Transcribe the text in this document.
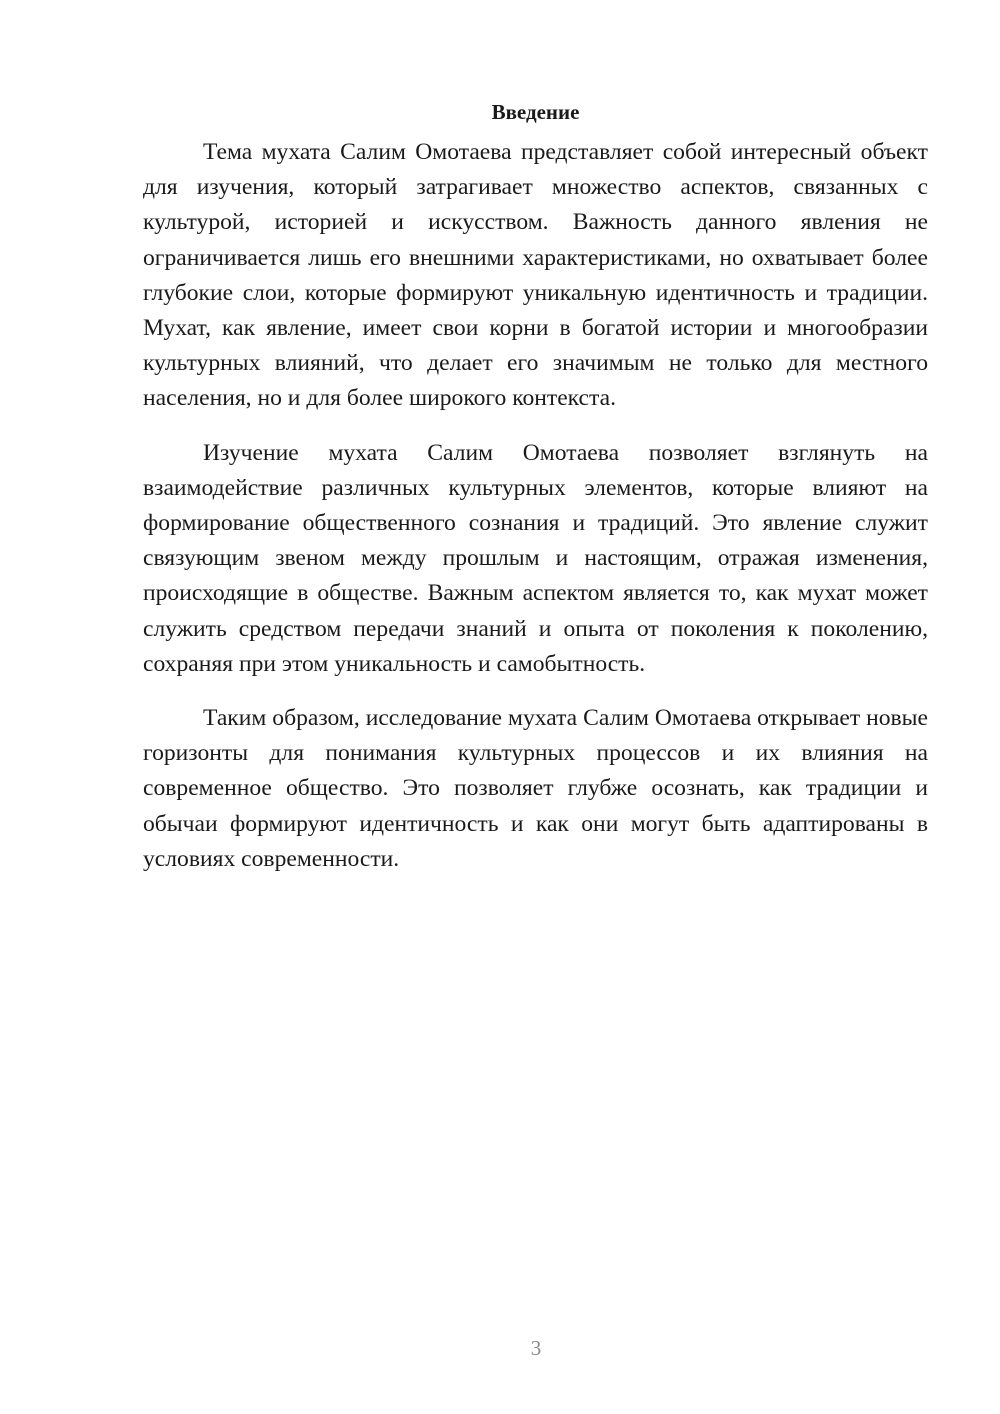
Введение

Тема мухата Салим Омотаева представляет собой интересный объект для изучения, который затрагивает множество аспектов, связанных с культурой, историей и искусством. Важность данного явления не ограничивается лишь его внешними характеристиками, но охватывает более глубокие слои, которые формируют уникальную идентичность и традиции. Мухат, как явление, имеет свои корни в богатой истории и многообразии культурных влияний, что делает его значимым не только для местного населения, но и для более широкого контекста.

Изучение мухата Салим Омотаева позволяет взглянуть на взаимодействие различных культурных элементов, которые влияют на формирование общественного сознания и традиций. Это явление служит связующим звеном между прошлым и настоящим, отражая изменения, происходящие в обществе. Важным аспектом является то, как мухат может служить средством передачи знаний и опыта от поколения к поколению, сохраняя при этом уникальность и самобытность.

Таким образом, исследование мухата Салим Омотаева открывает новые горизонты для понимания культурных процессов и их влияния на современное общество. Это позволяет глубже осознать, как традиции и обычаи формируют идентичность и как они могут быть адаптированы в условиях современности.

3
